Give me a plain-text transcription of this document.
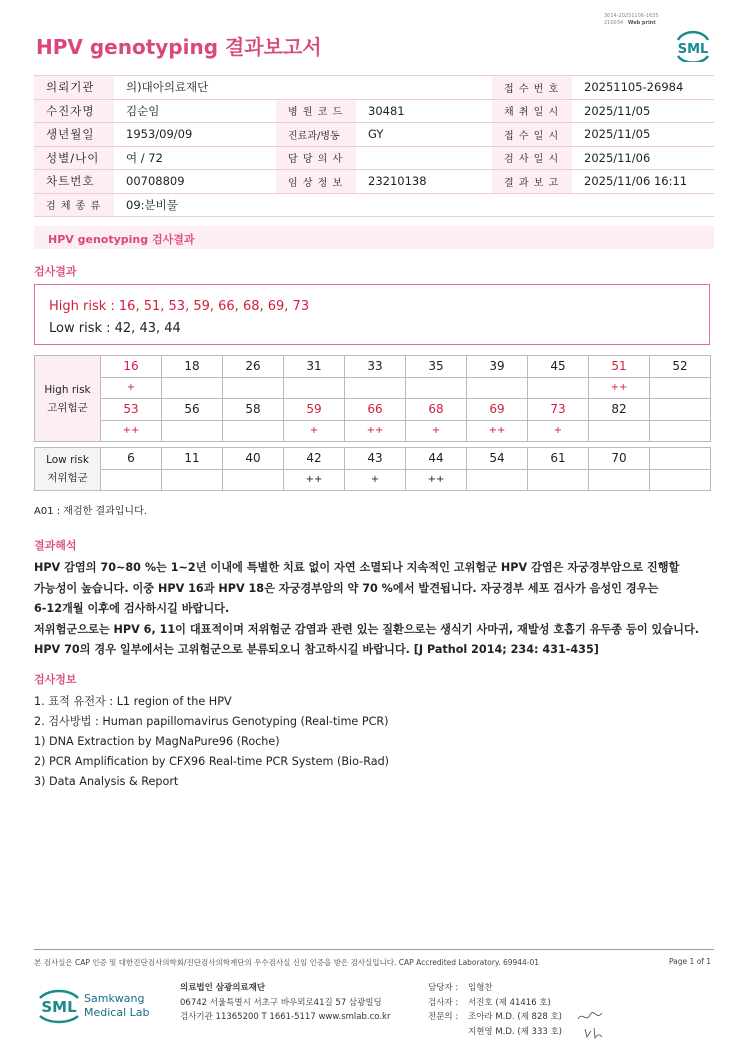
3014-20251106-1635
210034 Web print
HPV genotyping 결과보고서	SML
의뢰기관	의)대아의료재단			접 수 번 호	20251105-26984
수진자명	김순임	병 원 코 드	30481	채 취 일 시	2025/11/05
생년월일	1953/09/09	진료과/병동	GY	접 수 일 시	2025/11/05
성별/나이	여 / 72	담 당 의 사		검 사 일 시	2025/11/06
차트번호	00708809	임 상 정 보	23210138	결 과 보 고	2025/11/06 16:11
검 체 종 류	09:분비물				
HPV genotyping 검사결과
검사결과
High risk : 16, 51, 53, 59, 66, 68, 69, 73
Low risk : 42, 43, 44
High risk
고위험군	16	18	26	31	33	35	39	45	51	52
	+								++	
	53	56	58	59	66	68	69	73	82	
	++			+	++	+	++	+		
Low risk
저위험군	6	11	40	42	43	44	54	61	70	
				++	+	++				
A01 : 재검한 결과입니다.
결과해석
HPV 감염의 70~80 %는 1~2년 이내에 특별한 치료 없이 자연 소멸되나 지속적인 고위험군 HPV 감염은 자궁경부암으로 진행할
가능성이 높습니다. 이중 HPV 16과 HPV 18은 자궁경부암의 약 70 %에서 발견됩니다. 자궁경부 세포 검사가 음성인 경우는
6-12개월 이후에 검사하시길 바랍니다.
저위험군으로는 HPV 6, 11이 대표적이며 저위험군 감염과 관련 있는 질환으로는 생식기 사마귀, 재발성 호흡기 유두종 등이 있습니다.
HPV 70의 경우 일부에서는 고위험군으로 분류되오니 참고하시길 바랍니다. [J Pathol 2014; 234: 431-435]
검사정보
1. 표적 유전자 : L1 region of the HPV
2. 검사방법 : Human papillomavirus Genotyping (Real-time PCR)
1) DNA Extraction by MagNaPure96 (Roche)
2) PCR Amplification by CFX96 Real-time PCR System (Bio-Rad)
3) Data Analysis & Report
본 검사실은 CAP 인증 및 대한진단검사의학회/진단검사의학재단의 우수검사실 신임 인증을 받은 검사실입니다. CAP Accredited Laboratory. 69944-01	Page 1 of 1
SML Samkwang
Medical Lab
의료법인 삼광의료재단
06742 서울특별시 서초구 바우뫼로41길 57 삼광빌딩
검사기관 11365200 T 1661-5117 www.smlab.co.kr
담당자 :	임형찬
검사자 :	서진호 (제 41416 호)
전문의 :	조아라 M.D. (제 828 호)
지현영 M.D. (제 333 호)
